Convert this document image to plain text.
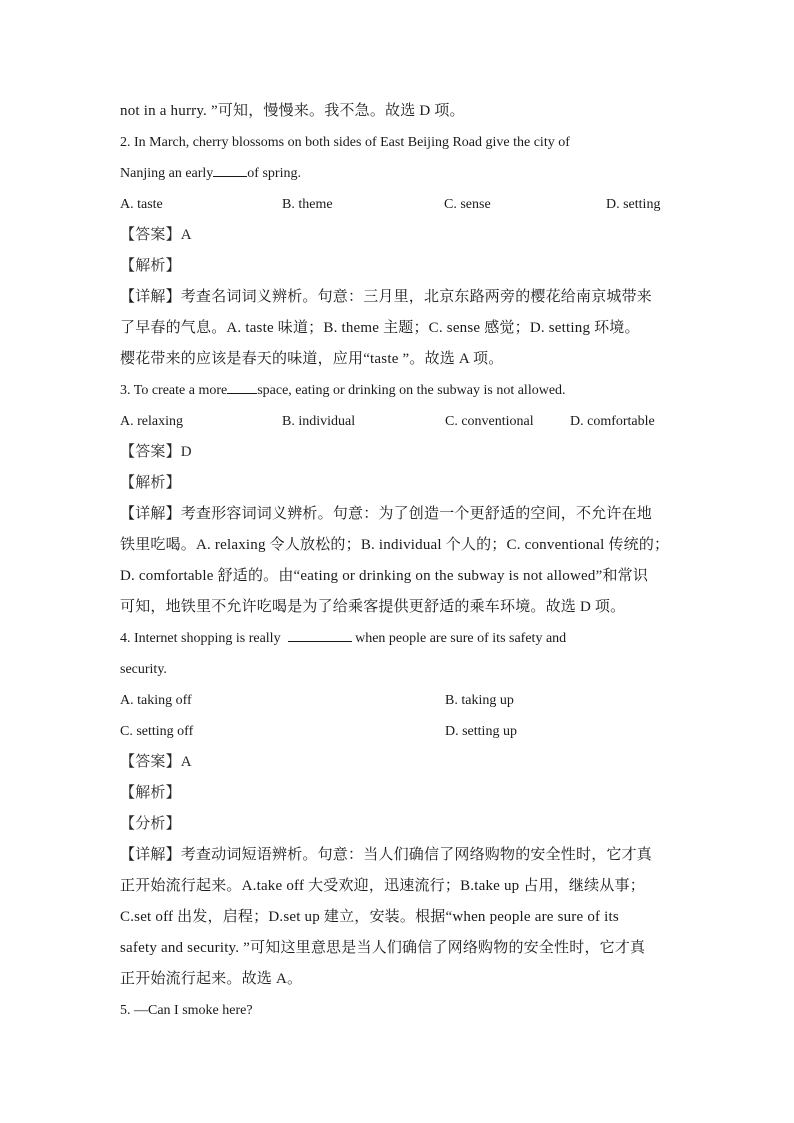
not in a hurry. ”可知，慢慢来。我不急。故选 D 项。
2. In March, cherry blossoms on both sides of East Beijing Road give the city of
Nanjing an early of spring.
A. taste	B. theme	C. sense	D. setting
【答案】A
【解析】
【详解】考查名词词义辨析。句意：三月里，北京东路两旁的樱花给南京城带来
了早春的气息。A. taste 味道；B. theme 主题；C. sense 感觉；D. setting 环境。
樱花带来的应该是春天的味道，应用“taste ”。故选 A 项。
3. To create a more space, eating or drinking on the subway is not allowed.
A. relaxing	B. individual	C. conventional	D. comfortable
【答案】D
【解析】
【详解】考查形容词词义辨析。句意：为了创造一个更舒适的空间，不允许在地
铁里吃喝。A. relaxing 令人放松的；B. individual 个人的；C. conventional 传统的；
D. comfortable 舒适的。由“eating or drinking on the subway is not allowed”和常识
可知，地铁里不允许吃喝是为了给乘客提供更舒适的乘车环境。故选 D 项。
4. Internet shopping is really	when people are sure of its safety and
security.
A. taking off	B. taking up
C. setting off	D. setting up
【答案】A
【解析】
【分析】
【详解】考查动词短语辨析。句意：当人们确信了网络购物的安全性时，它才真
正开始流行起来。A.take off 大受欢迎，迅速流行；B.take up 占用，继续从事；
C.set off 出发，启程；D.set up 建立，安装。根据“when people are sure of its
safety and security. ”可知这里意思是当人们确信了网络购物的安全性时，它才真
正开始流行起来。故选 A。
5. —Can I smoke here?
